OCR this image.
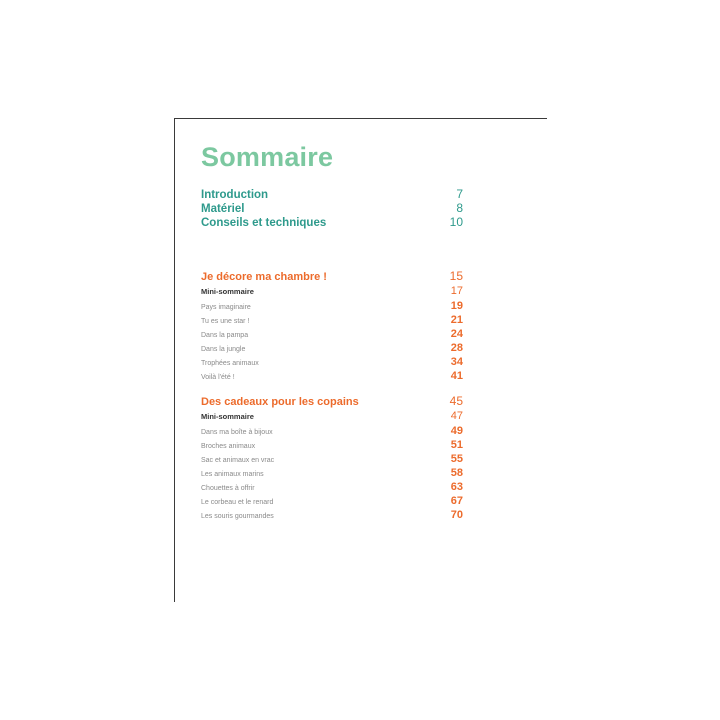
Sommaire
Introduction	7
Matériel	8
Conseils et techniques	10
Je décore ma chambre !	15
Mini-sommaire	17
Pays imaginaire	19
Tu es une star !	21
Dans la pampa	24
Dans la jungle	28
Trophées animaux	34
Voilà l'été !	41
Des cadeaux pour les copains	45
Mini-sommaire	47
Dans ma boîte à bijoux	49
Broches animaux	51
Sac et animaux en vrac	55
Les animaux marins	58
Chouettes à offrir	63
Le corbeau et le renard	67
Les souris gourmandes	70
